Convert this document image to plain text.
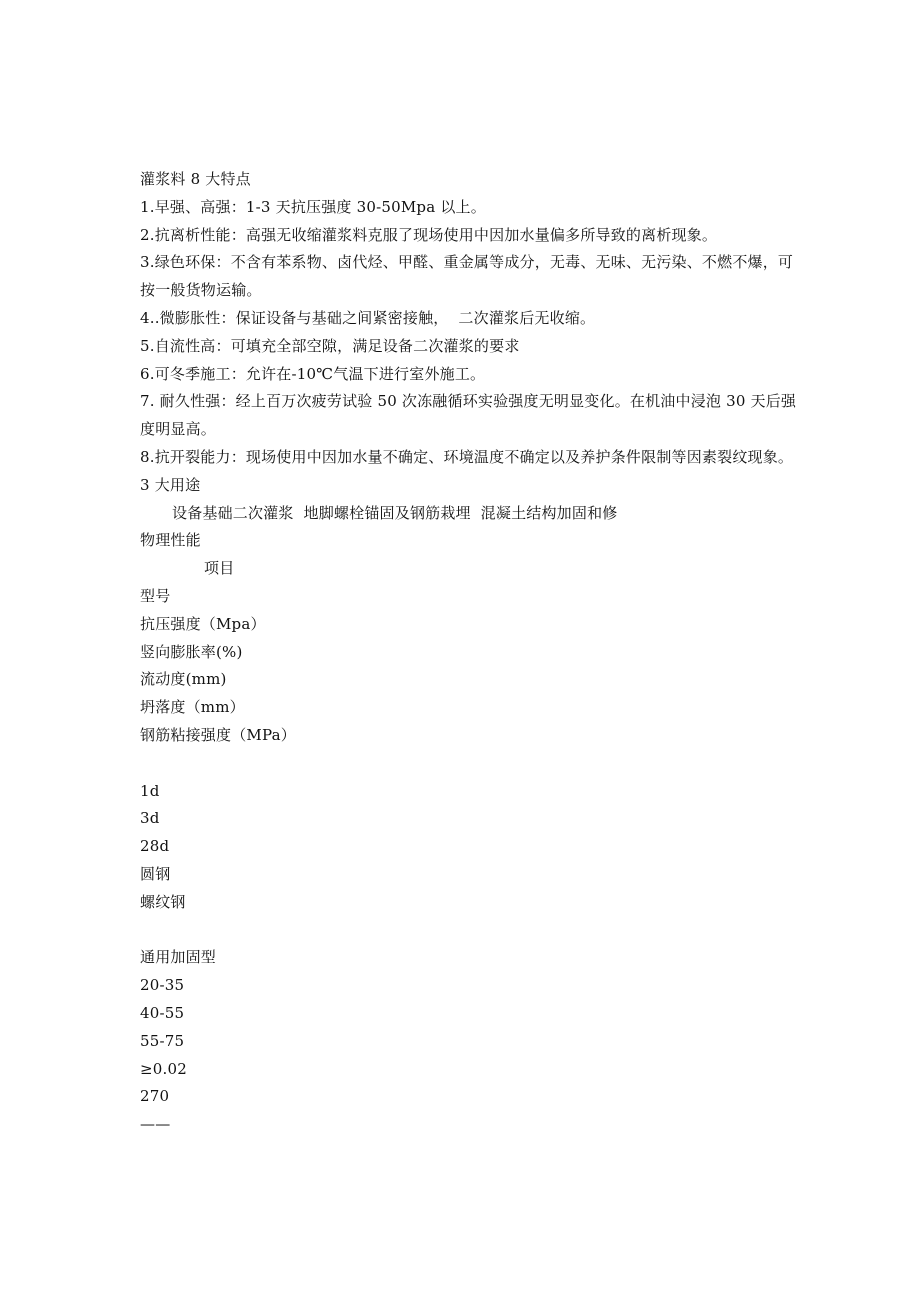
灌浆料 8 大特点

1.早强、高强：1-3 天抗压强度 30-50Mpa 以上。

2.抗离析性能：高强无收缩灌浆料克服了现场使用中因加水量偏多所导致的离析现象。

3.绿色环保：不含有苯系物、卤代烃、甲醛、重金属等成分，无毒、无味、无污染、不燃不爆，可按一般货物运输。

4..微膨胀性：保证设备与基础之间紧密接触，  二次灌浆后无收缩。

5.自流性高：可填充全部空隙，满足设备二次灌浆的要求

6.可冬季施工：允许在-10℃气温下进行室外施工。

7. 耐久性强：经上百万次疲劳试验 50 次冻融循环实验强度无明显变化。在机油中浸泡 30 天后强度明显高。

8.抗开裂能力：现场使用中因加水量不确定、环境温度不确定以及养护条件限制等因素裂纹现象。

3 大用途

设备基础二次灌浆  地脚螺栓锚固及钢筋栽埋  混凝土结构加固和修

物理性能

项目

型号

抗压强度（Mpa）

竖向膨胀率(%)

流动度(mm)

坍落度（mm）

钢筋粘接强度（MPa）

1d

3d

28d

圆钢

螺纹钢

通用加固型

20-35

40-55

55-75

≥0.02

270

——
